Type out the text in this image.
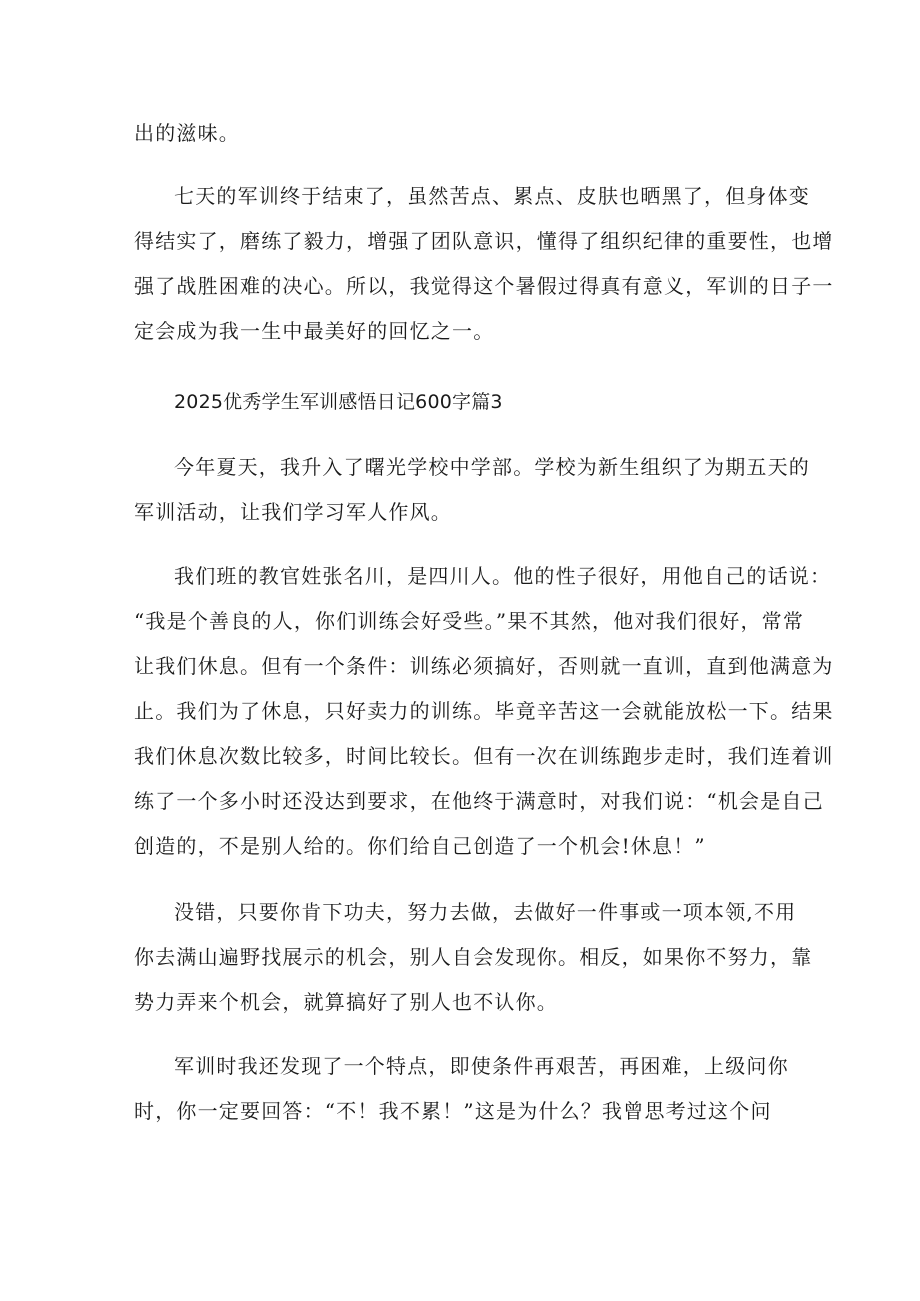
出的滋味。

七天的军训终于结束了，虽然苦点、累点、皮肤也晒黑了，但身体变

得结实了，磨练了毅力，增强了团队意识，懂得了组织纪律的重要性，也增

强了战胜困难的决心。所以，我觉得这个暑假过得真有意义，军训的日子一

定会成为我一生中最美好的回忆之一。

2025优秀学生军训感悟日记600字篇3

今年夏天，我升入了曙光学校中学部。学校为新生组织了为期五天的

军训活动，让我们学习军人作风。

我们班的教官姓张名川，是四川人。他的性子很好，用他自己的话说：

“我是个善良的人，你们训练会好受些。”果不其然，他对我们很好，常常

让我们休息。但有一个条件：训练必须搞好，否则就一直训，直到他满意为

止。我们为了休息，只好卖力的训练。毕竟辛苦这一会就能放松一下。结果

我们休息次数比较多，时间比较长。但有一次在训练跑步走时，我们连着训

练了一个多小时还没达到要求，在他终于满意时，对我们说：“机会是自己

创造的，不是别人给的。你们给自己创造了一个机会!休息！”

没错，只要你肯下功夫，努力去做，去做好一件事或一项本领,不用

你去满山遍野找展示的机会，别人自会发现你。相反，如果你不努力，靠

势力弄来个机会，就算搞好了别人也不认你。

军训时我还发现了一个特点，即使条件再艰苦，再困难，上级问你

时，你一定要回答：“不！我不累！”这是为什么？我曾思考过这个问
